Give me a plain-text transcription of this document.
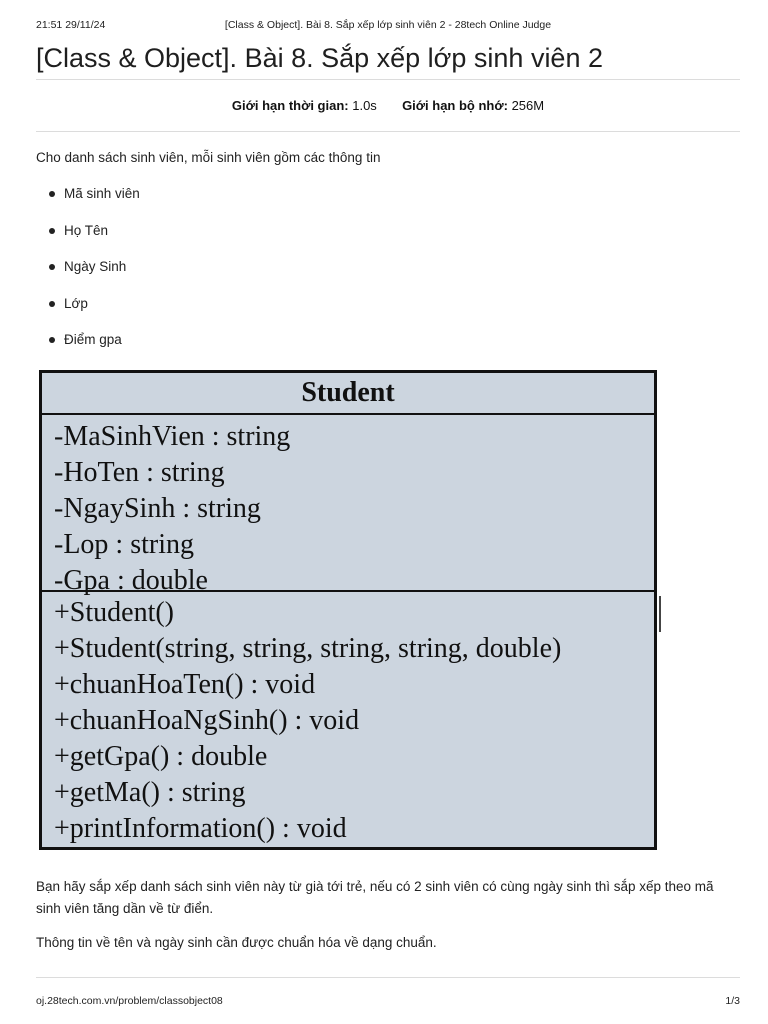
21:51 29/11/24	[Class & Object]. Bài 8. Sắp xếp lớp sinh viên 2 - 28tech Online Judge
[Class & Object]. Bài 8. Sắp xếp lớp sinh viên 2
Giới hạn thời gian: 1.0s Giới hạn bộ nhớ: 256M
Cho danh sách sinh viên, mỗi sinh viên gồm các thông tin
Mã sinh viên
Họ Tên
Ngày Sinh
Lớp
Điểm gpa
Student
-MaSinhVien : string
-HoTen : string
-NgaySinh : string
-Lop : string
-Gpa : double
+Student()
+Student(string, string, string, string, double)
+chuanHoaTen() : void
+chuanHoaNgSinh() : void
+getGpa() : double
+getMa() : string
+printInformation() : void
Bạn hãy sắp xếp danh sách sinh viên này từ già tới trẻ, nếu có 2 sinh viên có cùng ngày sinh thì sắp xếp theo mã sinh viên tăng dần về từ điển.
Thông tin về tên và ngày sinh cần được chuẩn hóa về dạng chuẩn.
oj.28tech.com.vn/problem/classobject08	1/3
